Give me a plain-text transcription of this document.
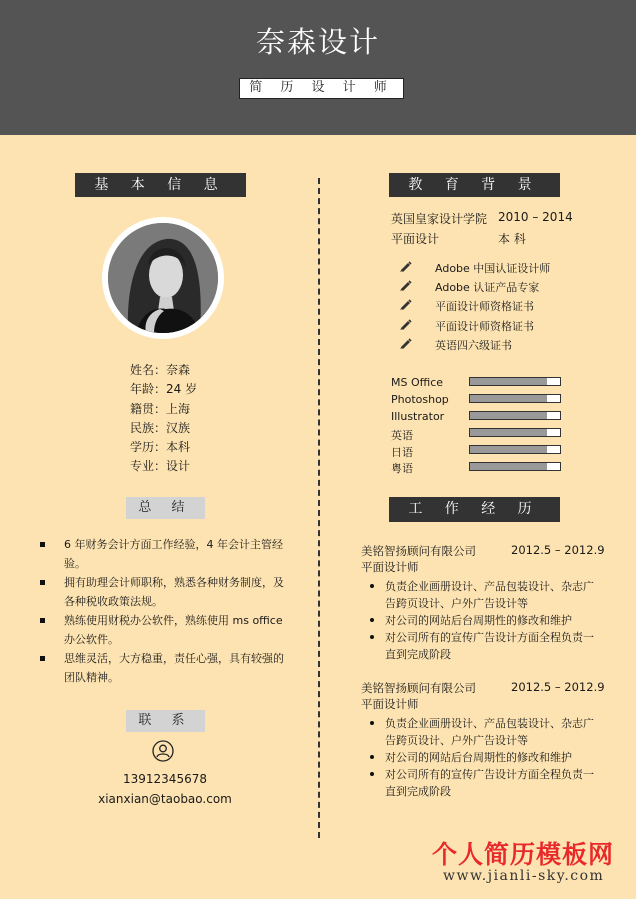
奈森设计
简 历 设 计 师
基 本 信 息
姓名：奈森
年龄：24 岁
籍贯：上海
民族：汉族
学历：本科
专业：设计
总 结
6 年财务会计方面工作经验，4 年会计主管经验。
拥有助理会计师职称，熟悉各种财务制度，及各种税收政策法规。
熟练使用财税办公软件，熟练使用 ms office 办公软件。
思维灵活，大方稳重，责任心强，具有较强的团队精神。
联 系
13912345678
xianxian@taobao.com
教 育 背 景
英国皇家设计学院 2010 – 2014
平面设计	本 科
Adobe 中国认证设计师
Adobe 认证产品专家
平面设计师资格证书
平面设计师资格证书
英语四六级证书
MS Office
Photoshop
Illustrator
英语
日语
粤语
工 作 经 历
美铭智扬顾问有限公司	2012.5 – 2012.9
平面设计师
负责企业画册设计、产品包装设计、杂志广告跨页设计、户外广告设计等
对公司的网站后台周期性的修改和维护
对公司所有的宣传广告设计方面全程负责一直到完成阶段
美铭智扬顾问有限公司	2012.5 – 2012.9
平面设计师
负责企业画册设计、产品包装设计、杂志广告跨页设计、户外广告设计等
对公司的网站后台周期性的修改和维护
对公司所有的宣传广告设计方面全程负责一直到完成阶段
个人简历模板网
www.jianli-sky.com
